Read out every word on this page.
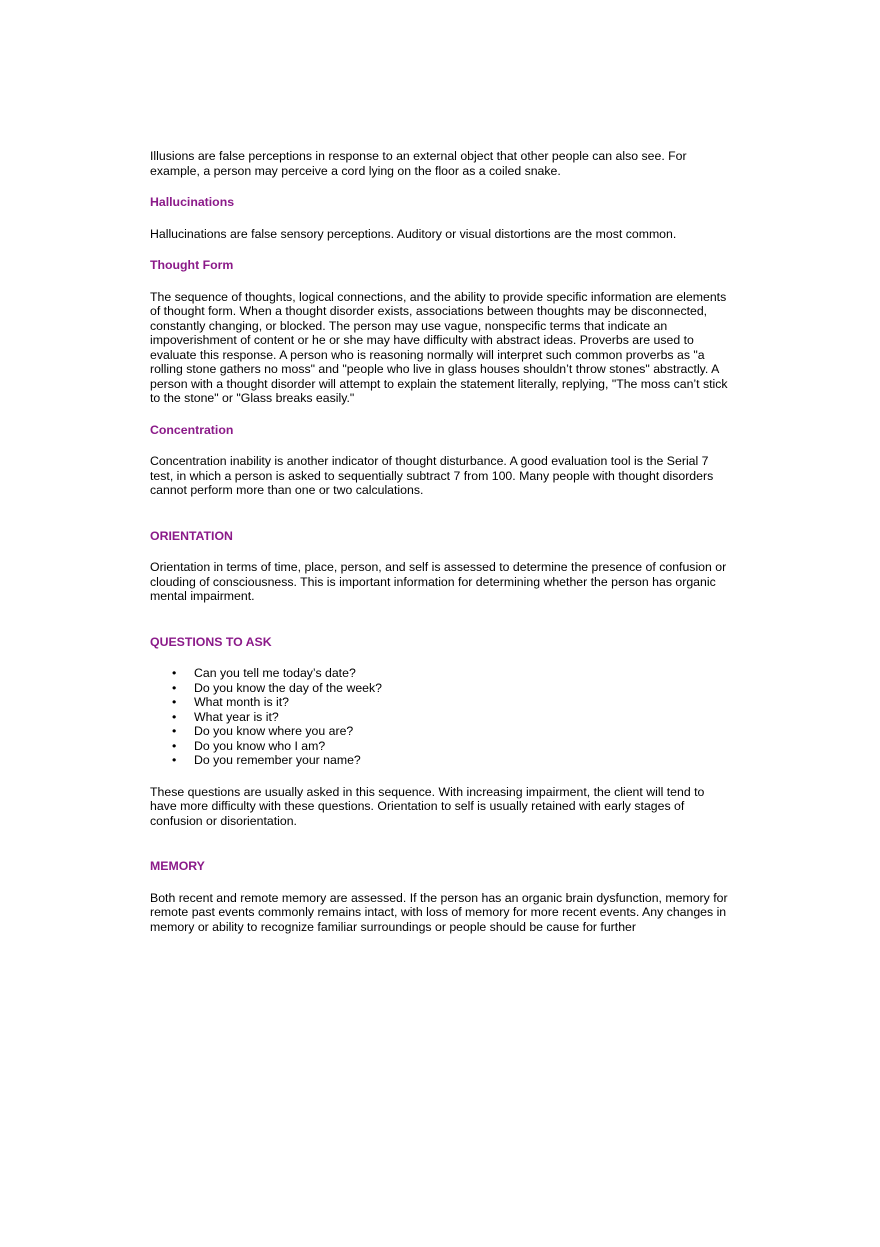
Illusions are false perceptions in response to an external object that other people can also see. For example, a person may perceive a cord lying on the floor as a coiled snake.

Hallucinations

Hallucinations are false sensory perceptions. Auditory or visual distortions are the most common.

Thought Form

The sequence of thoughts, logical connections, and the ability to provide specific information are elements of thought form. When a thought disorder exists, associations between thoughts may be disconnected, constantly changing, or blocked. The person may use vague, nonspecific terms that indicate an impoverishment of content or he or she may have difficulty with abstract ideas. Proverbs are used to evaluate this response. A person who is reasoning normally will interpret such common proverbs as "a rolling stone gathers no moss" and "people who live in glass houses shouldn’t throw stones" abstractly. A person with a thought disorder will attempt to explain the statement literally, replying, "The moss can’t stick to the stone" or "Glass breaks easily."

Concentration

Concentration inability is another indicator of thought disturbance. A good evaluation tool is the Serial 7 test, in which a person is asked to sequentially subtract 7 from 100. Many people with thought disorders cannot perform more than one or two calculations.

ORIENTATION

Orientation in terms of time, place, person, and self is assessed to determine the presence of confusion or clouding of consciousness. This is important information for determining whether the person has organic mental impairment.

QUESTIONS TO ASK
• Can you tell me today’s date?
• Do you know the day of the week?
• What month is it?
• What year is it?
• Do you know where you are?
• Do you know who I am?
• Do you remember your name?

These questions are usually asked in this sequence. With increasing impairment, the client will tend to have more difficulty with these questions. Orientation to self is usually retained with early stages of confusion or disorientation.

MEMORY

Both recent and remote memory are assessed. If the person has an organic brain dysfunction, memory for remote past events commonly remains intact, with loss of memory for more recent events. Any changes in memory or ability to recognize familiar surroundings or people should be cause for further
